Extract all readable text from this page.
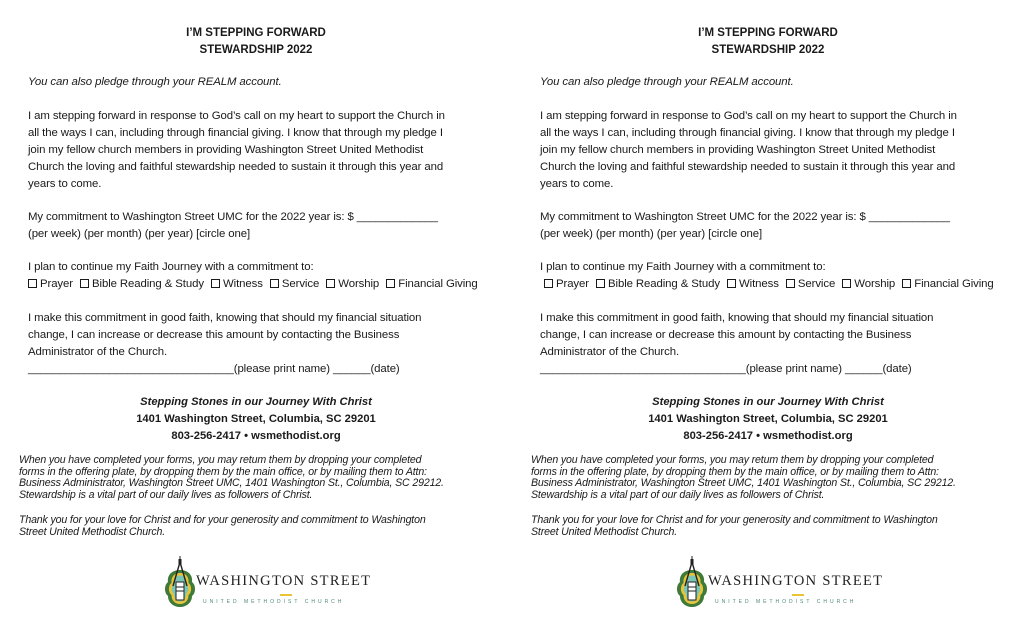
I’M STEPPING FORWARD
STEWARDSHIP 2022
You can also pledge through your REALM account.
I am stepping forward in response to God’s call on my heart to support the Church in
all the ways I can, including through financial giving. I know that through my pledge I
join my fellow church members in providing Washington Street United Methodist
Church the loving and faithful stewardship needed to sustain it through this year and
years to come.
My commitment to Washington Street UMC for the 2022 year is: $ _____________
(per week) (per month) (per year) [circle one]
I plan to continue my Faith Journey with a commitment to:
Prayer Bible Reading & Study Witness Service Worship Financial Giving
I make this commitment in good faith, knowing that should my financial situation
change, I can increase or decrease this amount by contacting the Business
Administrator of the Church.
_________________________________(please print name) ______(date)
Stepping Stones in our Journey With Christ
1401 Washington Street, Columbia, SC 29201
803-256-2417 • wsmethodist.org
When you have completed your forms, you may retum them by dropping your completed
forms in the offering plate, by dropping them by the main office, or by mailing them to Attn:
Business Administrator, Washington Street UMC, 1401 Washington St., Columbia, SC 29212.
Stewardship is a vital part of our daily lives as followers of Christ.
Thank you for your love for Christ and for your generosity and commitment to Washington
Street United Methodist Church.
WASHINGTON STREET
UNITED METHODIST CHURCH
I’M STEPPING FORWARD
STEWARDSHIP 2022
You can also pledge through your REALM account.
I am stepping forward in response to God’s call on my heart to support the Church in
all the ways I can, including through financial giving. I know that through my pledge I
join my fellow church members in providing Washington Street United Methodist
Church the loving and faithful stewardship needed to sustain it through this year and
years to come.
My commitment to Washington Street UMC for the 2022 year is: $ _____________
(per week) (per month) (per year) [circle one]
I plan to continue my Faith Journey with a commitment to:
Prayer Bible Reading & Study Witness Service Worship Financial Giving
I make this commitment in good faith, knowing that should my financial situation
change, I can increase or decrease this amount by contacting the Business
Administrator of the Church.
_________________________________(please print name) ______(date)
Stepping Stones in our Journey With Christ
1401 Washington Street, Columbia, SC 29201
803-256-2417 • wsmethodist.org
When you have completed your forms, you may retum them by dropping your completed
forms in the offering plate, by dropping them by the main office, or by mailing them to Attn:
Business Administrator, Washington Street UMC, 1401 Washington St., Columbia, SC 29212.
Stewardship is a vital part of our daily lives as followers of Christ.
Thank you for your love for Christ and for your generosity and commitment to Washington
Street United Methodist Church.
WASHINGTON STREET
UNITED METHODIST CHURCH
